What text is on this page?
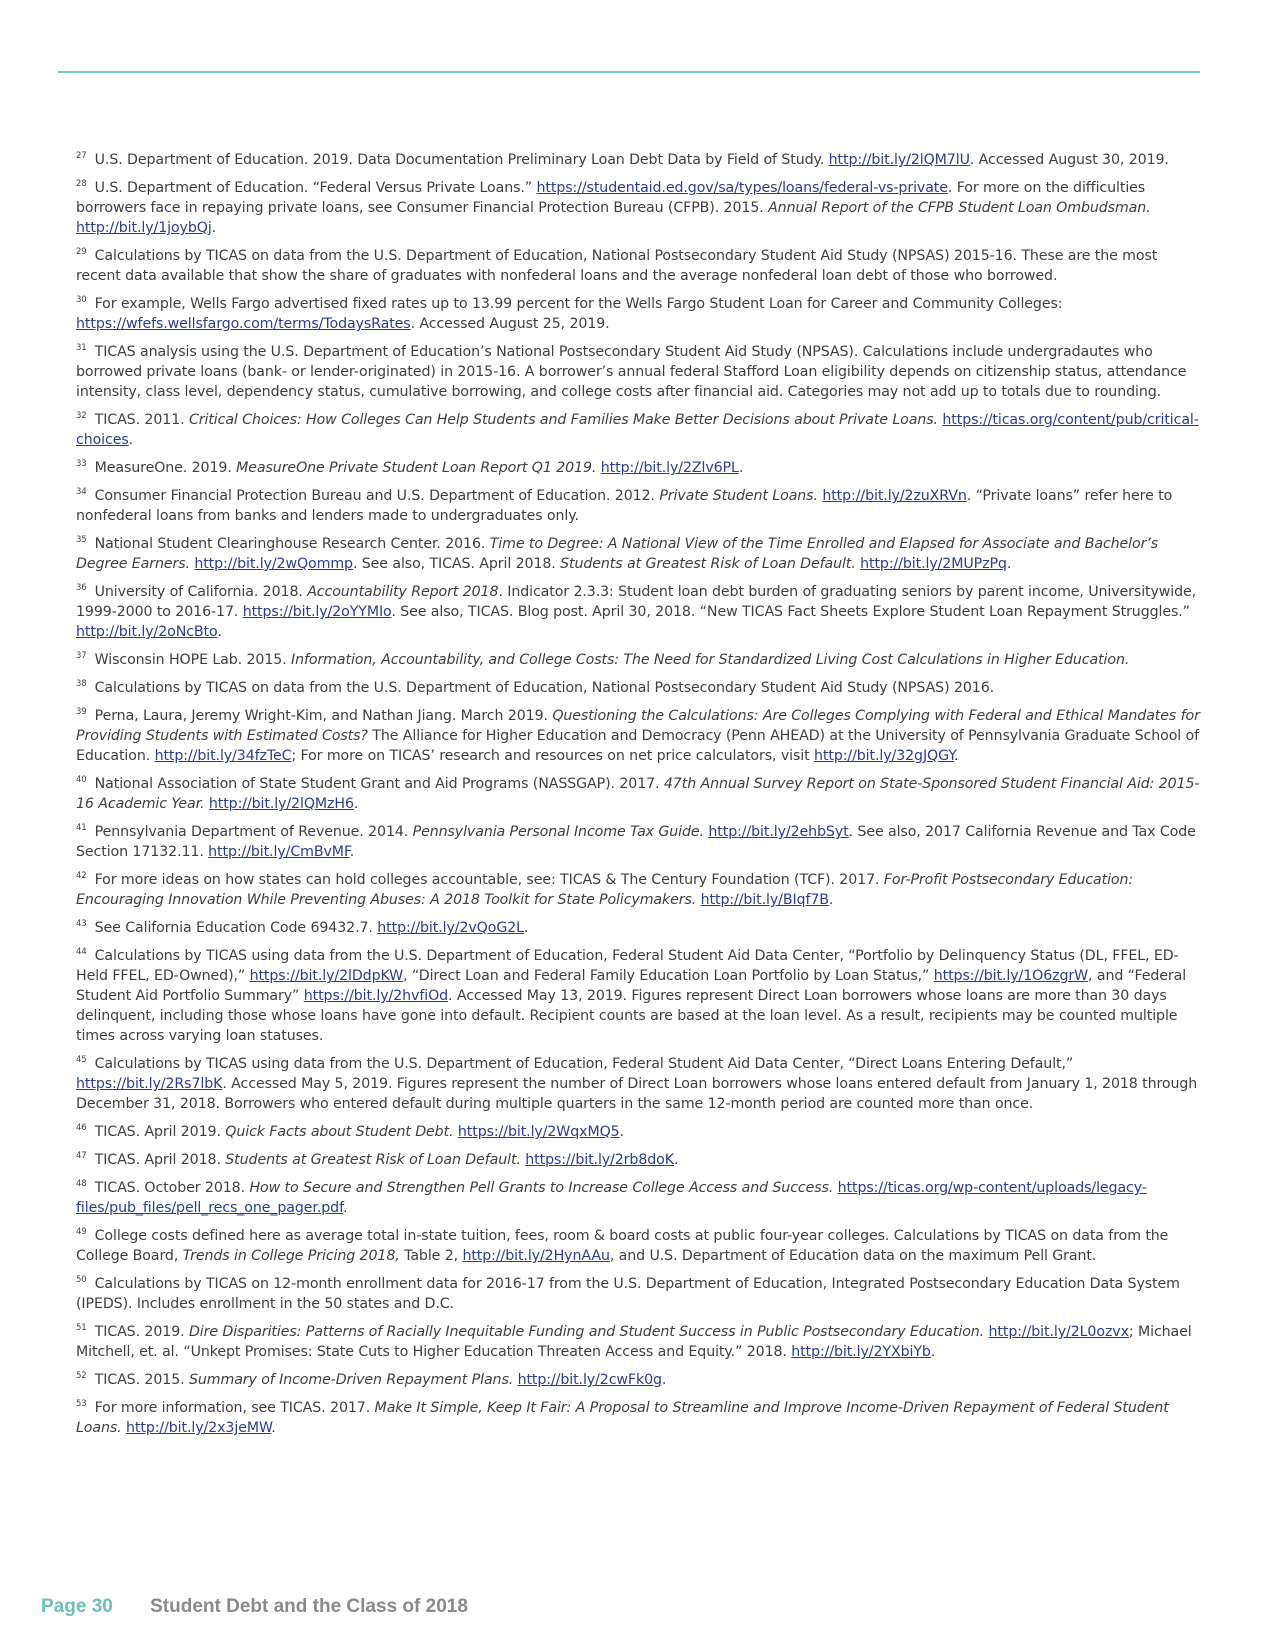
$^{27}$ U.S. Department of Education. 2019. Data Documentation Preliminary Loan Debt Data by Field of Study. http://bit.ly/2lQM7lU. Accessed August 30, 2019.

$^{28}$ U.S. Department of Education. “Federal Versus Private Loans.” https://studentaid.ed.gov/sa/types/loans/federal-vs-private. For more on the difficulties borrowers face in repaying private loans, see Consumer Financial Protection Bureau (CFPB). 2015. Annual Report of the CFPB Student Loan Ombudsman. http://bit.ly/1joybQj.

$^{29}$ Calculations by TICAS on data from the U.S. Department of Education, National Postsecondary Student Aid Study (NPSAS) 2015-16. These are the most recent data available that show the share of graduates with nonfederal loans and the average nonfederal loan debt of those who borrowed.

$^{30}$ For example, Wells Fargo advertised fixed rates up to 13.99 percent for the Wells Fargo Student Loan for Career and Community Colleges: https://wfefs.wellsfargo.com/terms/TodaysRates. Accessed August 25, 2019.

$^{31}$ TICAS analysis using the U.S. Department of Education’s National Postsecondary Student Aid Study (NPSAS). Calculations include undergradautes who borrowed private loans (bank- or lender-originated) in 2015-16. A borrower’s annual federal Stafford Loan eligibility depends on citizenship status, attendance intensity, class level, dependency status, cumulative borrowing, and college costs after financial aid. Categories may not add up to totals due to rounding.

$^{32}$ TICAS. 2011. Critical Choices: How Colleges Can Help Students and Families Make Better Decisions about Private Loans. https://ticas.org/content/pub/critical-choices.

$^{33}$ MeasureOne. 2019. MeasureOne Private Student Loan Report Q1 2019. http://bit.ly/2Zlv6PL.

$^{34}$ Consumer Financial Protection Bureau and U.S. Department of Education. 2012. Private Student Loans. http://bit.ly/2zuXRVn. “Private loans” refer here to nonfederal loans from banks and lenders made to undergraduates only.

$^{35}$ National Student Clearinghouse Research Center. 2016. Time to Degree: A National View of the Time Enrolled and Elapsed for Associate and Bachelor’s Degree Earners. http://bit.ly/2wQommp. See also, TICAS. April 2018. Students at Greatest Risk of Loan Default. http://bit.ly/2MUPzPq.

$^{36}$ University of California. 2018. Accountability Report 2018. Indicator 2.3.3: Student loan debt burden of graduating seniors by parent income, Universitywide, 1999-2000 to 2016-17. https://bit.ly/2oYYMIo. See also, TICAS. Blog post. April 30, 2018. “New TICAS Fact Sheets Explore Student Loan Repayment Struggles.” http://bit.ly/2oNcBto.

$^{37}$ Wisconsin HOPE Lab. 2015. Information, Accountability, and College Costs: The Need for Standardized Living Cost Calculations in Higher Education.

$^{38}$ Calculations by TICAS on data from the U.S. Department of Education, National Postsecondary Student Aid Study (NPSAS) 2016.

$^{39}$ Perna, Laura, Jeremy Wright-Kim, and Nathan Jiang. March 2019. Questioning the Calculations: Are Colleges Complying with Federal and Ethical Mandates for Providing Students with Estimated Costs? The Alliance for Higher Education and Democracy (Penn AHEAD) at the University of Pennsylvania Graduate School of Education. http://bit.ly/34fzTeC; For more on TICAS’ research and resources on net price calculators, visit http://bit.ly/32gJQGY.

$^{40}$ National Association of State Student Grant and Aid Programs (NASSGAP). 2017. 47th Annual Survey Report on State-Sponsored Student Financial Aid: 2015-16 Academic Year. http://bit.ly/2lQMzH6.

$^{41}$ Pennsylvania Department of Revenue. 2014. Pennsylvania Personal Income Tax Guide. http://bit.ly/2ehbSyt. See also, 2017 California Revenue and Tax Code Section 17132.11. http://bit.ly/CmBvMF.

$^{42}$ For more ideas on how states can hold colleges accountable, see: TICAS & The Century Foundation (TCF). 2017. For-Profit Postsecondary Education: Encouraging Innovation While Preventing Abuses: A 2018 Toolkit for State Policymakers. http://bit.ly/BIqf7B.

$^{43}$ See California Education Code 69432.7. http://bit.ly/2vQoG2L.

$^{44}$ Calculations by TICAS using data from the U.S. Department of Education, Federal Student Aid Data Center, “Portfolio by Delinquency Status (DL, FFEL, ED-Held FFEL, ED-Owned),” https://bit.ly/2lDdpKW, “Direct Loan and Federal Family Education Loan Portfolio by Loan Status,” https://bit.ly/1O6zgrW, and “Federal Student Aid Portfolio Summary” https://bit.ly/2hvfiOd. Accessed May 13, 2019. Figures represent Direct Loan borrowers whose loans are more than 30 days delinquent, including those whose loans have gone into default. Recipient counts are based at the loan level. As a result, recipients may be counted multiple times across varying loan statuses.

$^{45}$ Calculations by TICAS using data from the U.S. Department of Education, Federal Student Aid Data Center, “Direct Loans Entering Default,” https://bit.ly/2Rs7lbK. Accessed May 5, 2019. Figures represent the number of Direct Loan borrowers whose loans entered default from January 1, 2018 through December 31, 2018. Borrowers who entered default during multiple quarters in the same 12-month period are counted more than once.

$^{46}$ TICAS. April 2019. Quick Facts about Student Debt. https://bit.ly/2WqxMQ5.

$^{47}$ TICAS. April 2018. Students at Greatest Risk of Loan Default. https://bit.ly/2rb8doK.

$^{48}$ TICAS. October 2018. How to Secure and Strengthen Pell Grants to Increase College Access and Success. https://ticas.org/wp-content/uploads/legacy-files/pub_files/pell_recs_one_pager.pdf.

$^{49}$ College costs defined here as average total in-state tuition, fees, room & board costs at public four-year colleges. Calculations by TICAS on data from the College Board, Trends in College Pricing 2018, Table 2, http://bit.ly/2HynAAu, and U.S. Department of Education data on the maximum Pell Grant.

$^{50}$ Calculations by TICAS on 12-month enrollment data for 2016-17 from the U.S. Department of Education, Integrated Postsecondary Education Data System (IPEDS). Includes enrollment in the 50 states and D.C.

$^{51}$ TICAS. 2019. Dire Disparities: Patterns of Racially Inequitable Funding and Student Success in Public Postsecondary Education. http://bit.ly/2L0ozvx; Michael Mitchell, et. al. “Unkept Promises: State Cuts to Higher Education Threaten Access and Equity.” 2018. http://bit.ly/2YXbiYb.

$^{52}$ TICAS. 2015. Summary of Income-Driven Repayment Plans. http://bit.ly/2cwFk0g.

$^{53}$ For more information, see TICAS. 2017. Make It Simple, Keep It Fair: A Proposal to Streamline and Improve Income-Driven Repayment of Federal Student Loans. http://bit.ly/2x3jeMW.

Page 30 Student Debt and the Class of 2018
